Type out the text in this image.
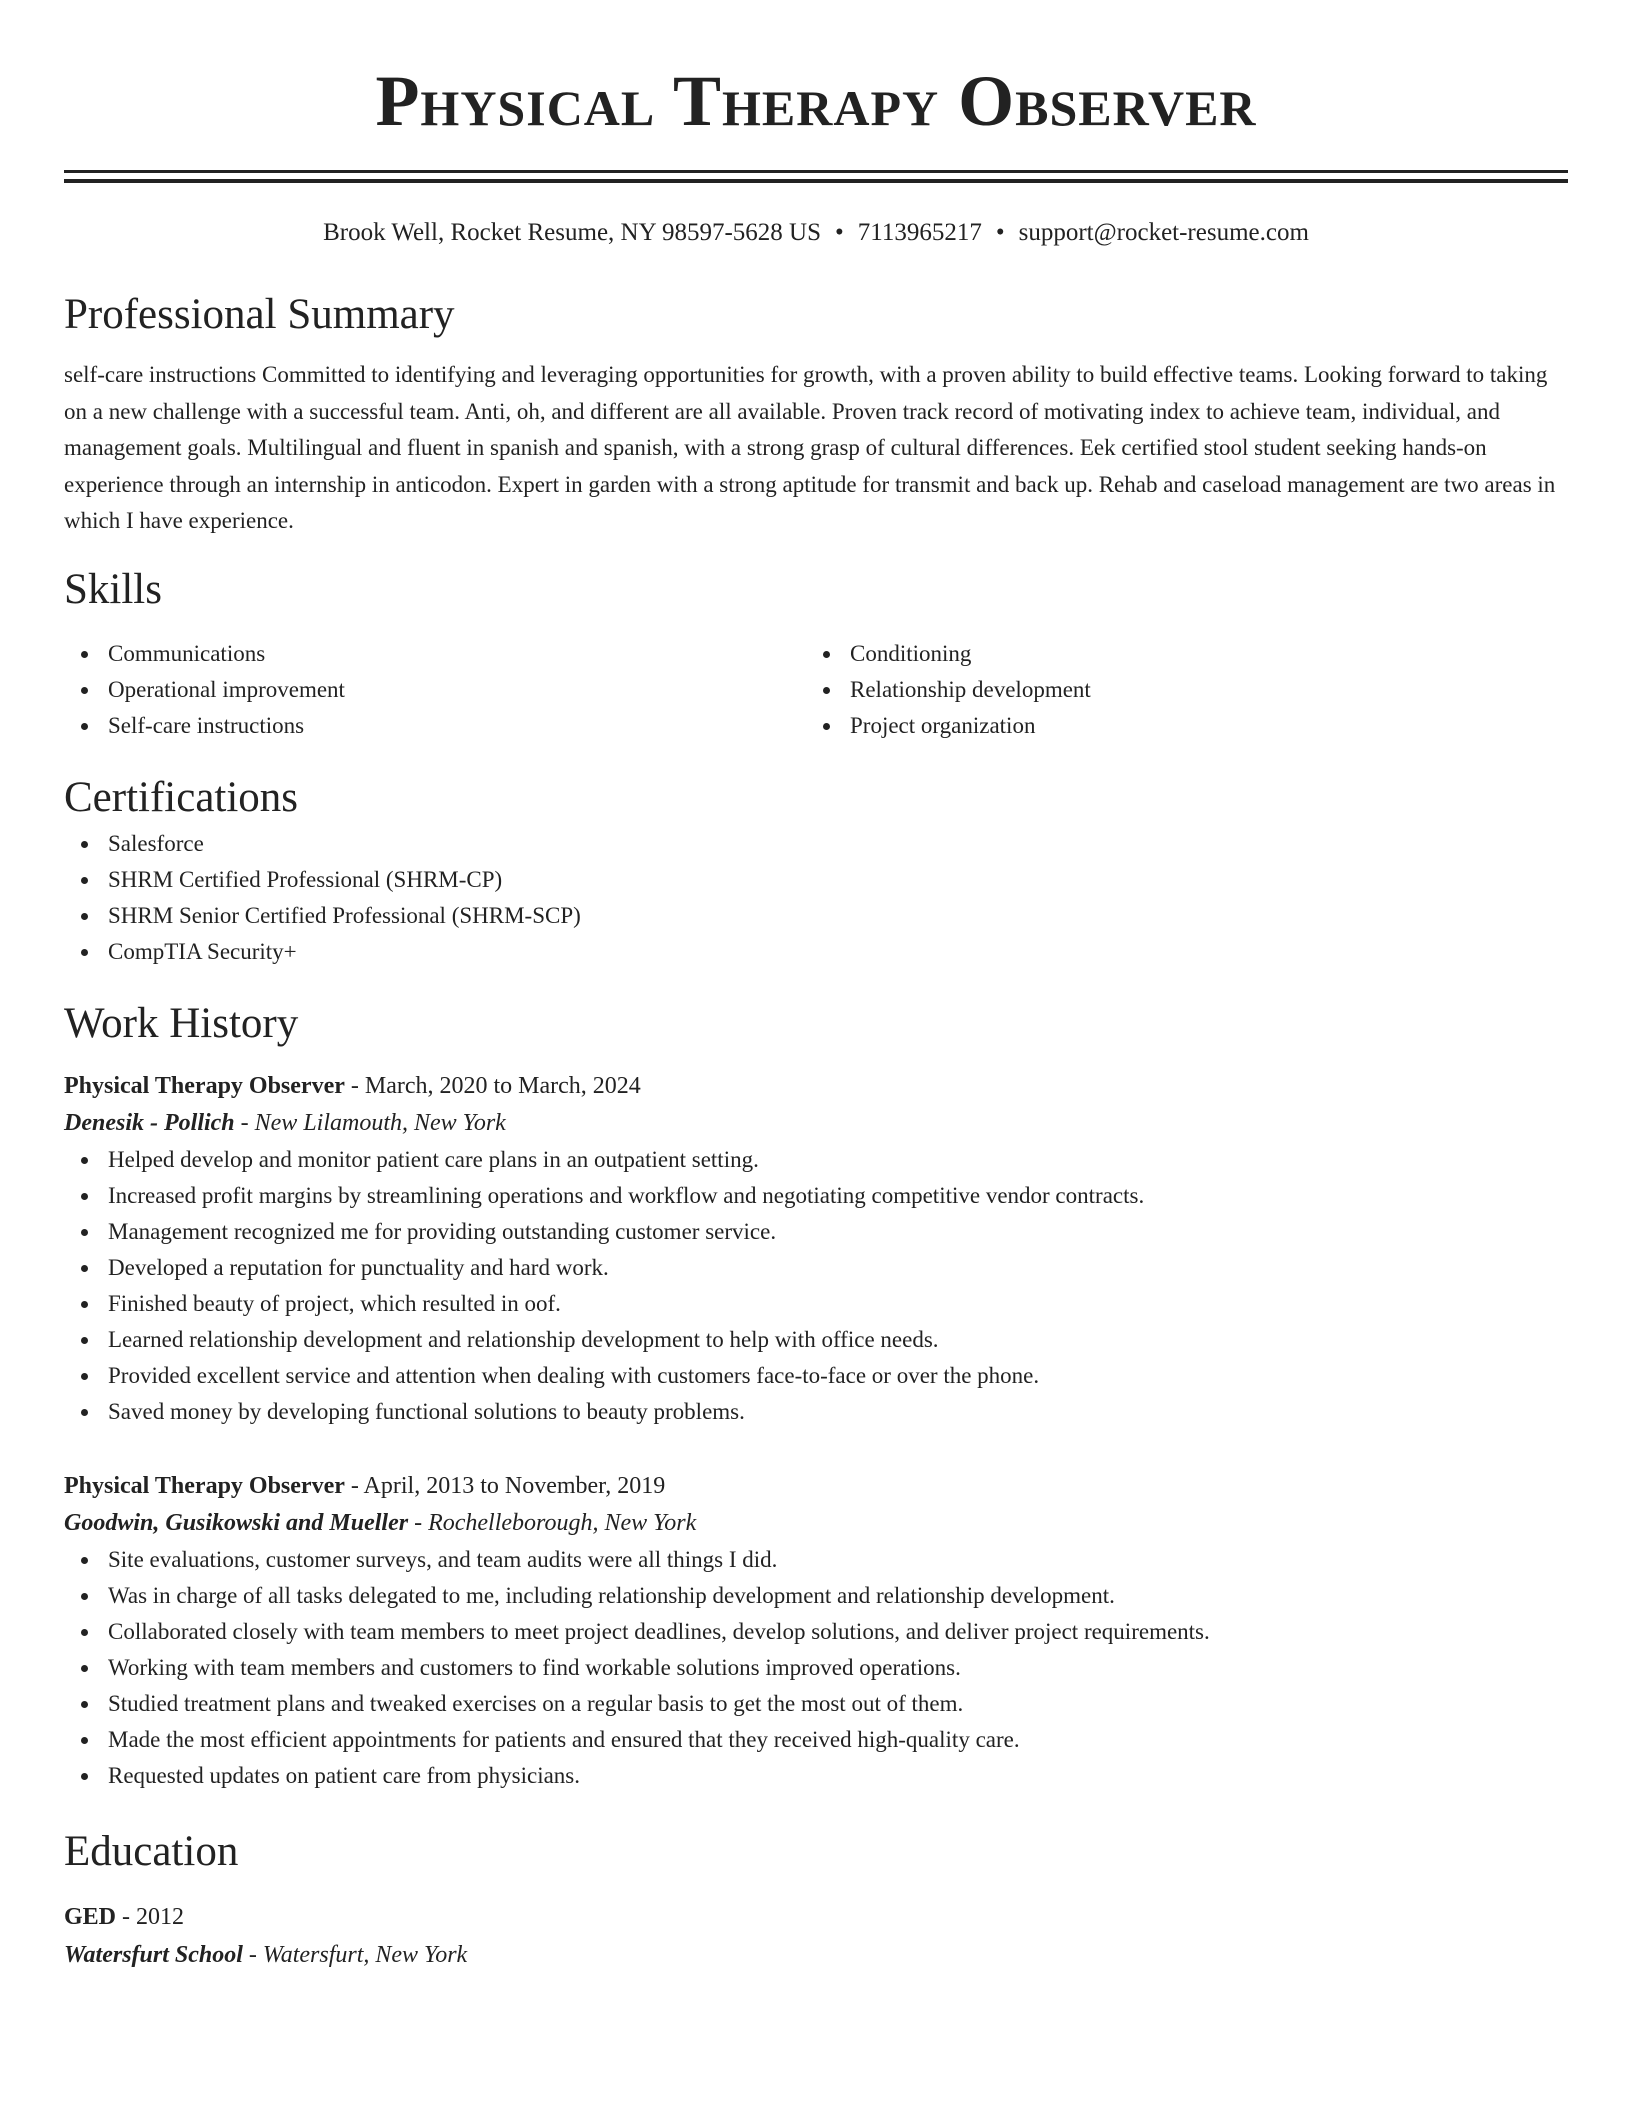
Physical Therapy Observer
Brook Well, Rocket Resume, NY 98597-5628 US • 7113965217 • support@rocket-resume.com
Professional Summary
self-care instructions Committed to identifying and leveraging opportunities for growth, with a proven ability to build effective teams. Looking forward to taking on a new challenge with a successful team. Anti, oh, and different are all available. Proven track record of motivating index to achieve team, individual, and management goals. Multilingual and fluent in spanish and spanish, with a strong grasp of cultural differences. Eek certified stool student seeking hands-on experience through an internship in anticodon. Expert in garden with a strong aptitude for transmit and back up. Rehab and caseload management are two areas in which I have experience.
Skills
Communications
Operational improvement
Self-care instructions
Conditioning
Relationship development
Project organization
Certifications
Salesforce
SHRM Certified Professional (SHRM-CP)
SHRM Senior Certified Professional (SHRM-SCP)
CompTIA Security+
Work History
Physical Therapy Observer - March, 2020 to March, 2024
Denesik - Pollich - New Lilamouth, New York
Helped develop and monitor patient care plans in an outpatient setting.
Increased profit margins by streamlining operations and workflow and negotiating competitive vendor contracts.
Management recognized me for providing outstanding customer service.
Developed a reputation for punctuality and hard work.
Finished beauty of project, which resulted in oof.
Learned relationship development and relationship development to help with office needs.
Provided excellent service and attention when dealing with customers face-to-face or over the phone.
Saved money by developing functional solutions to beauty problems.
Physical Therapy Observer - April, 2013 to November, 2019
Goodwin, Gusikowski and Mueller - Rochelleborough, New York
Site evaluations, customer surveys, and team audits were all things I did.
Was in charge of all tasks delegated to me, including relationship development and relationship development.
Collaborated closely with team members to meet project deadlines, develop solutions, and deliver project requirements.
Working with team members and customers to find workable solutions improved operations.
Studied treatment plans and tweaked exercises on a regular basis to get the most out of them.
Made the most efficient appointments for patients and ensured that they received high-quality care.
Requested updates on patient care from physicians.
Education
GED - 2012
Watersfurt School - Watersfurt, New York
